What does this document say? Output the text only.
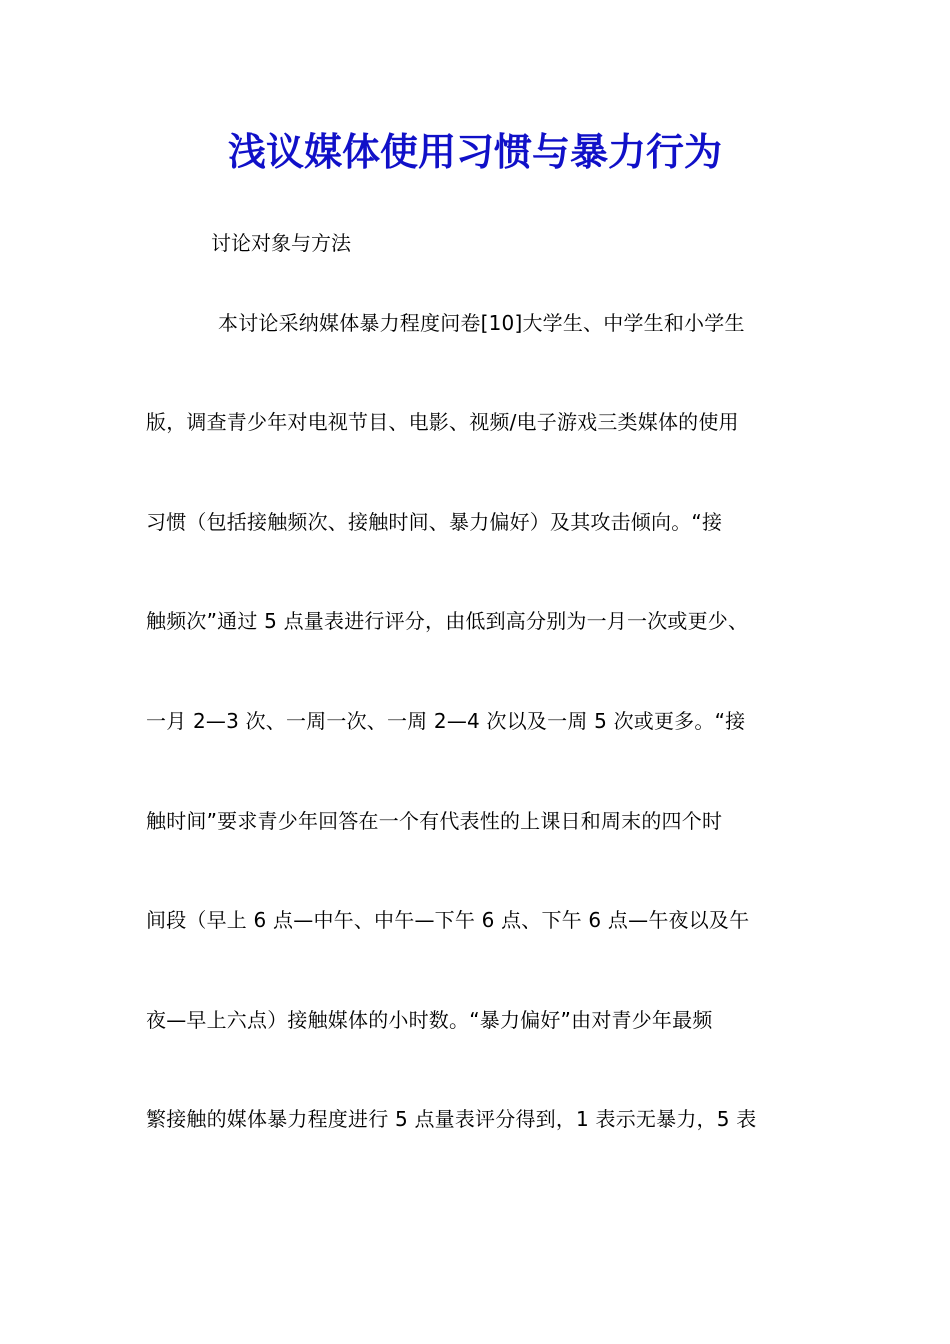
浅议媒体使用习惯与暴力行为

讨论对象与方法

本讨论采纳媒体暴力程度问卷[10]大学生、中学生和小学生

版，调查青少年对电视节目、电影、视频/电子游戏三类媒体的使用

习惯（包括接触频次、接触时间、暴力偏好）及其攻击倾向。“接

触频次”通过 5 点量表进行评分，由低到高分别为一月一次或更少、

一月 2—3 次、一周一次、一周 2—4 次以及一周 5 次或更多。“接

触时间”要求青少年回答在一个有代表性的上课日和周末的四个时

间段（早上 6 点—中午、中午—下午 6 点、下午 6 点—午夜以及午

夜—早上六点）接触媒体的小时数。“暴力偏好”由对青少年最频

繁接触的媒体暴力程度进行 5 点量表评分得到，1 表示无暴力，5 表
